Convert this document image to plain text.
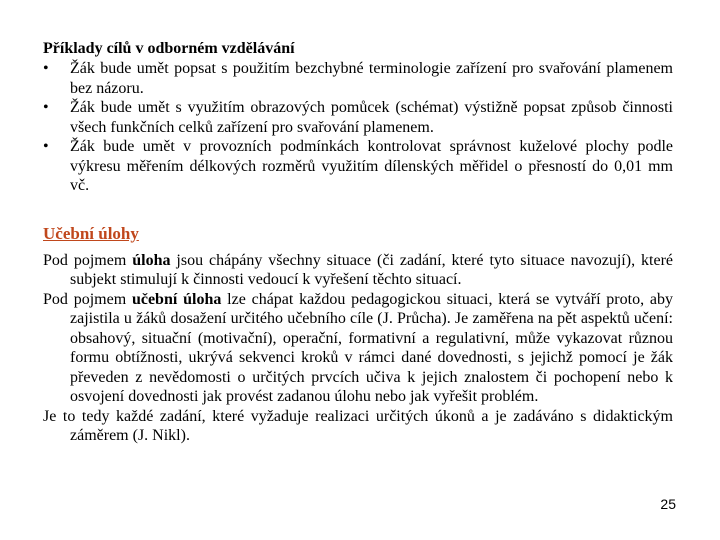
Příklady cílů v odborném vzdělávání

• Žák bude umět popsat s použitím bezchybné terminologie zařízení pro svařování plamenem bez názoru.
• Žák bude umět s využitím obrazových pomůcek (schémat) výstižně popsat způsob činnosti všech funkčních celků zařízení pro svařování plamenem.
• Žák bude umět v provozních podmínkách kontrolovat správnost kuželové plochy podle výkresu měřením délkových rozměrů využitím dílenských měřidel o přesností do 0,01 mm vč.
Učební úlohy

Pod pojmem úloha jsou chápány všechny situace (či zadání, které tyto situace navozují), které subjekt stimulují k činnosti vedoucí k vyřešení těchto situací.

Pod pojmem učební úloha lze chápat každou pedagogickou situaci, která se vytváří proto, aby zajistila u žáků dosažení určitého učebního cíle (J. Průcha). Je zaměřena na pět aspektů učení: obsahový, situační (motivační), operační, formativní a regulativní, může vykazovat různou formu obtížnosti, ukrývá sekvenci kroků v rámci dané dovednosti, s jejichž pomocí je žák převeden z nevědomosti o určitých prvcích učiva k jejich znalostem či pochopení nebo k osvojení dovednosti jak provést zadanou úlohu nebo jak vyřešit problém.

Je to tedy každé zadání, které vyžaduje realizaci určitých úkonů a je zadáváno s didaktickým záměrem (J. Nikl).

25
